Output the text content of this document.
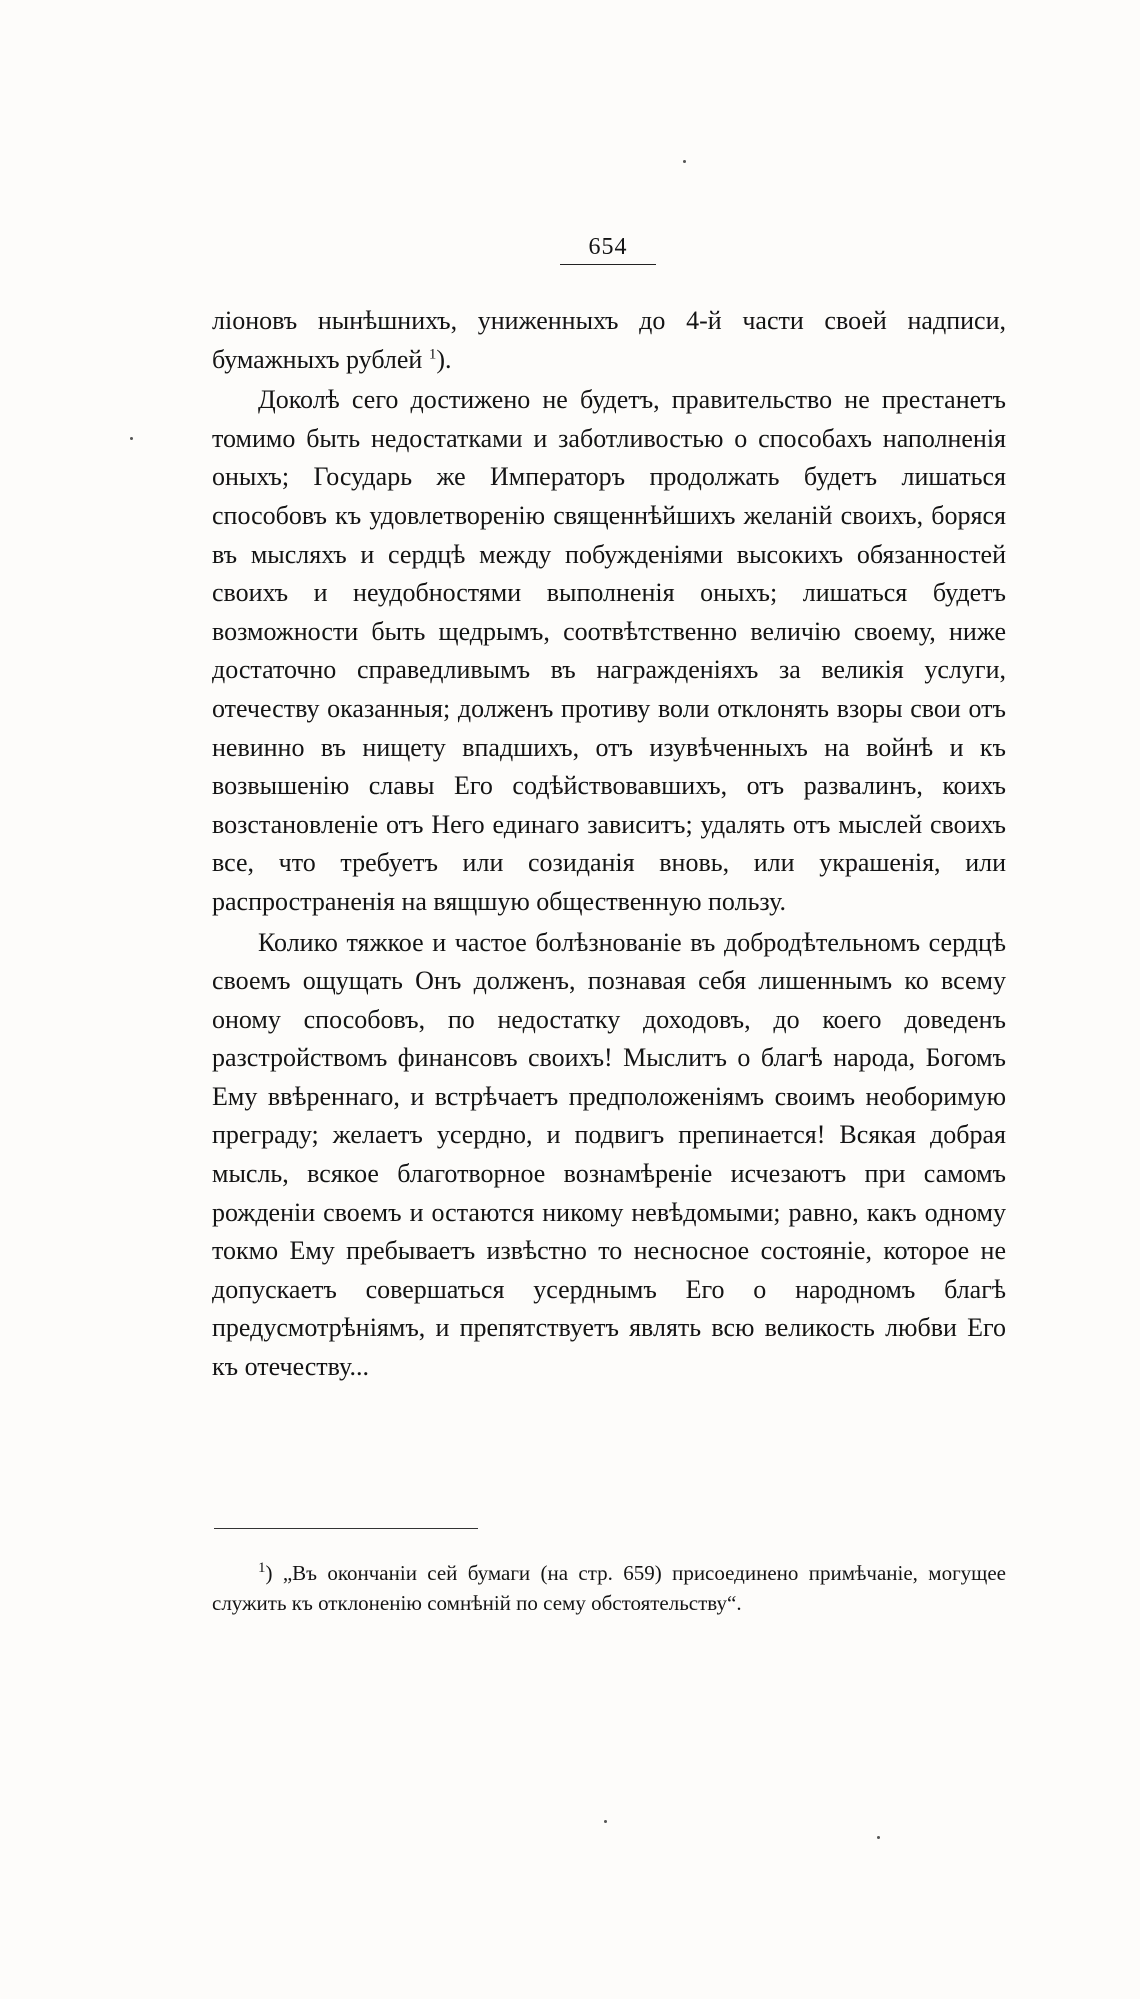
654

ліоновъ нынѣшнихъ, униженныхъ до 4-й части своей надписи, бумажныхъ рублей $^1$).

Доколѣ сего достижено не будетъ, правительство не престанетъ томимо быть недостатками и заботливостью о способахъ наполненія оныхъ; Государь же Императоръ продолжать будетъ лишаться способовъ къ удовлетворенію священнѣйшихъ желаній своихъ, боряся въ мысляхъ и сердцѣ между побужденіями высокихъ обязанностей своихъ и неудобностями выполненія оныхъ; лишаться будетъ возможности быть щедрымъ, соотвѣтственно величію своему, ниже достаточно справедливымъ въ награжденіяхъ за великія услуги, отечеству оказанныя; долженъ противу воли отклонять взоры свои отъ невинно въ нищету впадшихъ, отъ изувѣченныхъ на войнѣ и къ возвышенію славы Его содѣйствовавшихъ, отъ развалинъ, коихъ возстановленіе отъ Него единаго зависитъ; удалять отъ мыслей своихъ все, что требуетъ или созиданія вновь, или украшенія, или распространенія на вящшую общественную пользу.

Колико тяжкое и частое болѣзнованіе въ добродѣтельномъ сердцѣ своемъ ощущать Онъ долженъ, познавая себя лишеннымъ ко всему оному способовъ, по недостатку доходовъ, до коего доведенъ разстройствомъ финансовъ своихъ! Мыслитъ о благѣ народа, Богомъ Ему ввѣреннаго, и встрѣчаетъ предположеніямъ своимъ необоримую преграду; желаетъ усердно, и подвигъ препинается! Всякая добрая мысль, всякое благотворное вознамѣреніе исчезаютъ при самомъ рожденіи своемъ и остаются никому невѣдомыми; равно, какъ одному токмо Ему пребываетъ извѣстно то несносное состояніе, которое не допускаетъ совершаться усерднымъ Его о народномъ благѣ предусмотрѣніямъ, и препятствуетъ являть всю великость любви Его къ отечеству...

$^1$) „Въ окончаніи сей бумаги (на стр. 659) присоединено примѣчаніе, могущее служить къ отклоненію сомнѣній по сему обстоятельству“.
